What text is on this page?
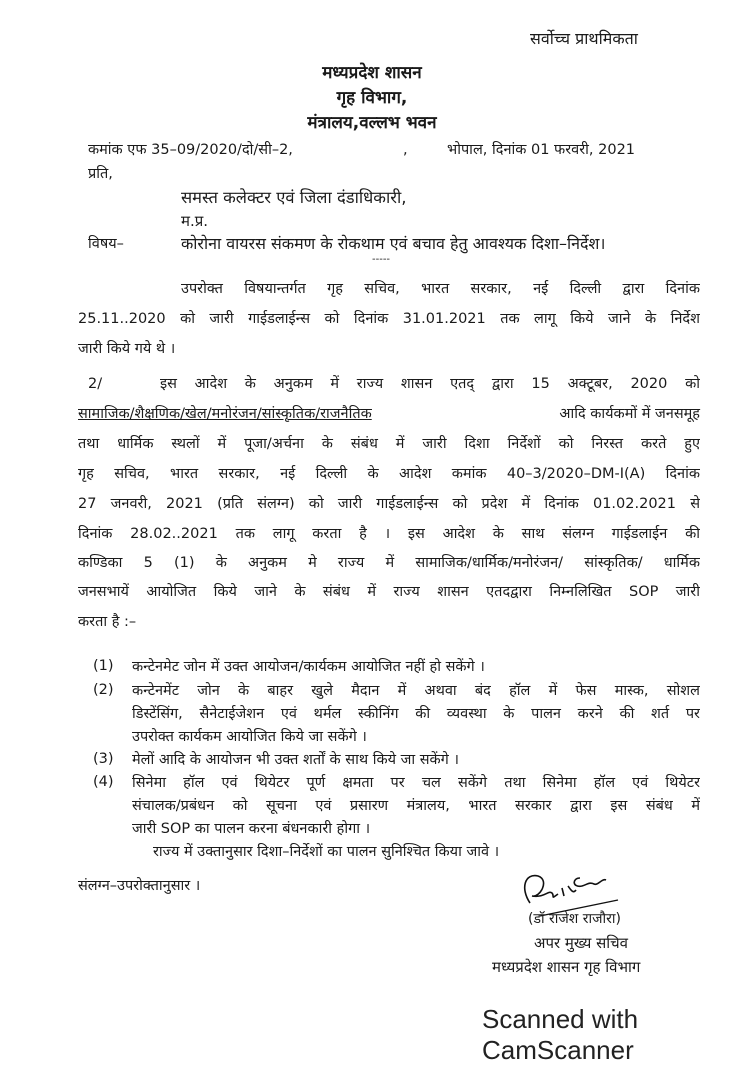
सर्वोच्च प्राथमिकता
मध्यप्रदेश शासन
गृह विभाग,
मंत्रालय,वल्लभ भवन
कमांक एफ 35–09/2020/दो/सी–2,	,	भोपाल, दिनांक 01 फरवरी, 2021
प्रति,
समस्त कलेक्टर एवं जिला दंडाधिकारी,
म.प्र.
विषय–	कोरोना वायरस संकमण के रोकथाम एवं बचाव हेतु आवश्यक दिशा–निर्देश।
-----
उपरोक्त विषयान्तर्गत गृह सचिव, भारत सरकार, नई दिल्ली द्वारा दिनांक
25.11..2020 को जारी गाईडलाईन्स को दिनांक 31.01.2021 तक लागू किये जाने के निर्देश
जारी किये गये थे ।
2/	इस आदेश के अनुकम में राज्य शासन एतद् द्वारा 15 अक्टूबर, 2020 को
सामाजिक/शैक्षणिक/खेल/मनोरंजन/सांस्कृतिक/राजनैतिक	आदि कार्यकमों में जनसमूह
तथा धार्मिक स्थलों में पूजा/अर्चना के संबंध में जारी दिशा निर्देशों को निरस्त करते हुए
गृह सचिव, भारत सरकार, नई दिल्ली के आदेश कमांक 40–3/2020–DM-I(A) दिनांक
27 जनवरी, 2021 (प्रति संलग्न) को जारी गाईडलाईन्स को प्रदेश में दिनांक 01.02.2021 से
दिनांक 28.02..2021 तक लागू करता है । इस आदेश के साथ संलग्न गाईडलाईन की
कण्डिका 5 (1) के अनुकम मे राज्य में सामाजिक/धार्मिक/मनोरंजन/ सांस्कृतिक/ धार्मिक
जनसभायें आयोजित किये जाने के संबंध में राज्य शासन एतदद्वारा निम्नलिखित SOP जारी
करता है :–
(1) कन्टेनमेट जोन में उक्त आयोजन/कार्यकम आयोजित नहीं हो सकेंगे ।
(2) कन्टेनमेंट जोन के बाहर खुले मैदान में अथवा बंद हॉल में फेस मास्क, सोशल
डिस्टेंसिंग, सैनेटाईजेशन एवं थर्मल स्कीनिंग की व्यवस्था के पालन करने की शर्त पर
उपरोक्त कार्यकम आयोजित किये जा सकेंगे ।
(3) मेलों आदि के आयोजन भी उक्त शर्तों के साथ किये जा सकेंगे ।
(4) सिनेमा हॉल एवं थियेटर पूर्ण क्षमता पर चल सकेंगे तथा सिनेमा हॉल एवं थियेटर
संचालक/प्रबंधन को सूचना एवं प्रसारण मंत्रालय, भारत सरकार द्वारा इस संबंध में
जारी SOP का पालन करना बंधनकारी होगा ।
राज्य में उक्तानुसार दिशा–निर्देशों का पालन सुनिश्चित किया जावे ।
संलग्न–उपरोक्तानुसार ।
(डॉ राजेश राजौरा)
अपर मुख्य सचिव
मध्यप्रदेश शासन गृह विभाग
Scanned with CamScanner
